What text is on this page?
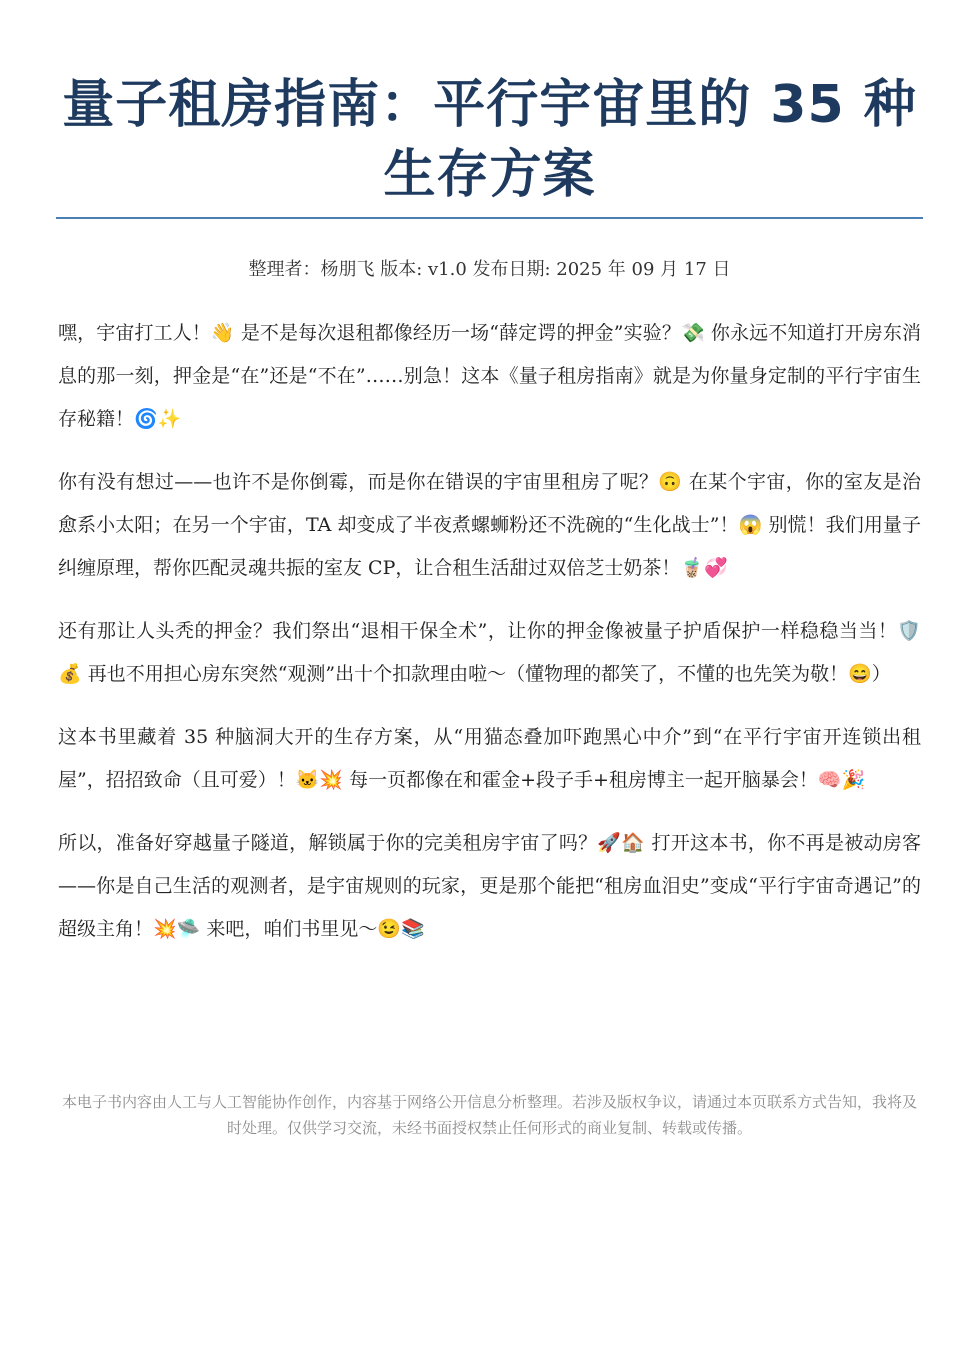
量子租房指南：平行宇宙里的 35 种生存方案
整理者：杨朋飞 版本: v1.0 发布日期: 2025 年 09 月 17 日

嘿，宇宙打工人！👋 是不是每次退租都像经历一场“薛定谔的押金”实验？💸 你永远不知道打开房东消息的那一刻，押金是“在”还是“不在”……别急！这本《量子租房指南》就是为你量身定制的平行宇宙生存秘籍！🌀✨

你有没有想过——也许不是你倒霉，而是你在错误的宇宙里租房了呢？🙃 在某个宇宙，你的室友是治愈系小太阳；在另一个宇宙，TA 却变成了半夜煮螺蛳粉还不洗碗的“生化战士”！😱 别慌！我们用量子纠缠原理，帮你匹配灵魂共振的室友 CP，让合租生活甜过双倍芝士奶茶！🧋💞

还有那让人头秃的押金？我们祭出“退相干保全术”，让你的押金像被量子护盾保护一样稳稳当当！🛡️💰 再也不用担心房东突然“观测”出十个扣款理由啦～（懂物理的都笑了，不懂的也先笑为敬！😄）

这本书里藏着 35 种脑洞大开的生存方案，从“用猫态叠加吓跑黑心中介”到“在平行宇宙开连锁出租屋”，招招致命（且可爱）！🐱💥 每一页都像在和霍金+段子手+租房博主一起开脑暴会！🧠🎉

所以，准备好穿越量子隧道，解锁属于你的完美租房宇宙了吗？🚀🏠 打开这本书，你不再是被动房客——你是自己生活的观测者，是宇宙规则的玩家，更是那个能把“租房血泪史”变成“平行宇宙奇遇记”的超级主角！💥🛸 来吧，咱们书里见～😉📚

本电子书内容由人工与人工智能协作创作，内容基于网络公开信息分析整理。若涉及版权争议，请通过本页联系方式告知，我将及时处理。仅供学习交流，未经书面授权禁止任何形式的商业复制、转载或传播。
